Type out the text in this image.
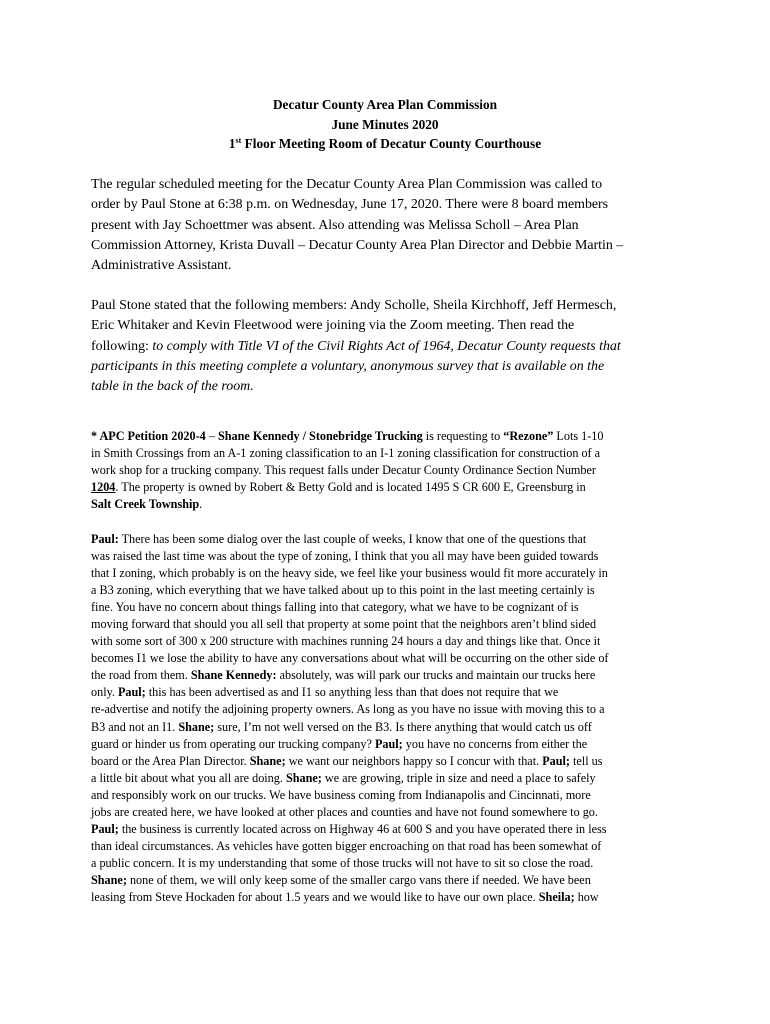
Decatur County Area Plan Commission
June Minutes 2020
1st Floor Meeting Room of Decatur County Courthouse
The regular scheduled meeting for the Decatur County Area Plan Commission was called to
order by Paul Stone at 6:38 p.m. on Wednesday, June 17, 2020. There were 8 board members
present with Jay Schoettmer was absent. Also attending was Melissa Scholl – Area Plan
Commission Attorney, Krista Duvall – Decatur County Area Plan Director and Debbie Martin –
Administrative Assistant.
Paul Stone stated that the following members: Andy Scholle, Sheila Kirchhoff, Jeff Hermesch,
Eric Whitaker and Kevin Fleetwood were joining via the Zoom meeting. Then read the
following: to comply with Title VI of the Civil Rights Act of 1964, Decatur County requests that
participants in this meeting complete a voluntary, anonymous survey that is available on the
table in the back of the room.
* APC Petition 2020-4 – Shane Kennedy / Stonebridge Trucking is requesting to “Rezone” Lots 1-10
in Smith Crossings from an A-1 zoning classification to an I-1 zoning classification for construction of a
work shop for a trucking company. This request falls under Decatur County Ordinance Section Number
1204. The property is owned by Robert & Betty Gold and is located 1495 S CR 600 E, Greensburg in
Salt Creek Township.
Paul: There has been some dialog over the last couple of weeks, I know that one of the questions that
was raised the last time was about the type of zoning, I think that you all may have been guided towards
that I zoning, which probably is on the heavy side, we feel like your business would fit more accurately in
a B3 zoning, which everything that we have talked about up to this point in the last meeting certainly is
fine. You have no concern about things falling into that category, what we have to be cognizant of is
moving forward that should you all sell that property at some point that the neighbors aren’t blind sided
with some sort of 300 x 200 structure with machines running 24 hours a day and things like that. Once it
becomes I1 we lose the ability to have any conversations about what will be occurring on the other side of
the road from them. Shane Kennedy: absolutely, was will park our trucks and maintain our trucks here
only. Paul; this has been advertised as and I1 so anything less than that does not require that we
re-advertise and notify the adjoining property owners. As long as you have no issue with moving this to a
B3 and not an I1. Shane; sure, I’m not well versed on the B3. Is there anything that would catch us off
guard or hinder us from operating our trucking company? Paul; you have no concerns from either the
board or the Area Plan Director. Shane; we want our neighbors happy so I concur with that. Paul; tell us
a little bit about what you all are doing. Shane; we are growing, triple in size and need a place to safely
and responsibly work on our trucks. We have business coming from Indianapolis and Cincinnati, more
jobs are created here, we have looked at other places and counties and have not found somewhere to go.
Paul; the business is currently located across on Highway 46 at 600 S and you have operated there in less
than ideal circumstances. As vehicles have gotten bigger encroaching on that road has been somewhat of
a public concern. It is my understanding that some of those trucks will not have to sit so close the road.
Shane; none of them, we will only keep some of the smaller cargo vans there if needed. We have been
leasing from Steve Hockaden for about 1.5 years and we would like to have our own place. Sheila; how
